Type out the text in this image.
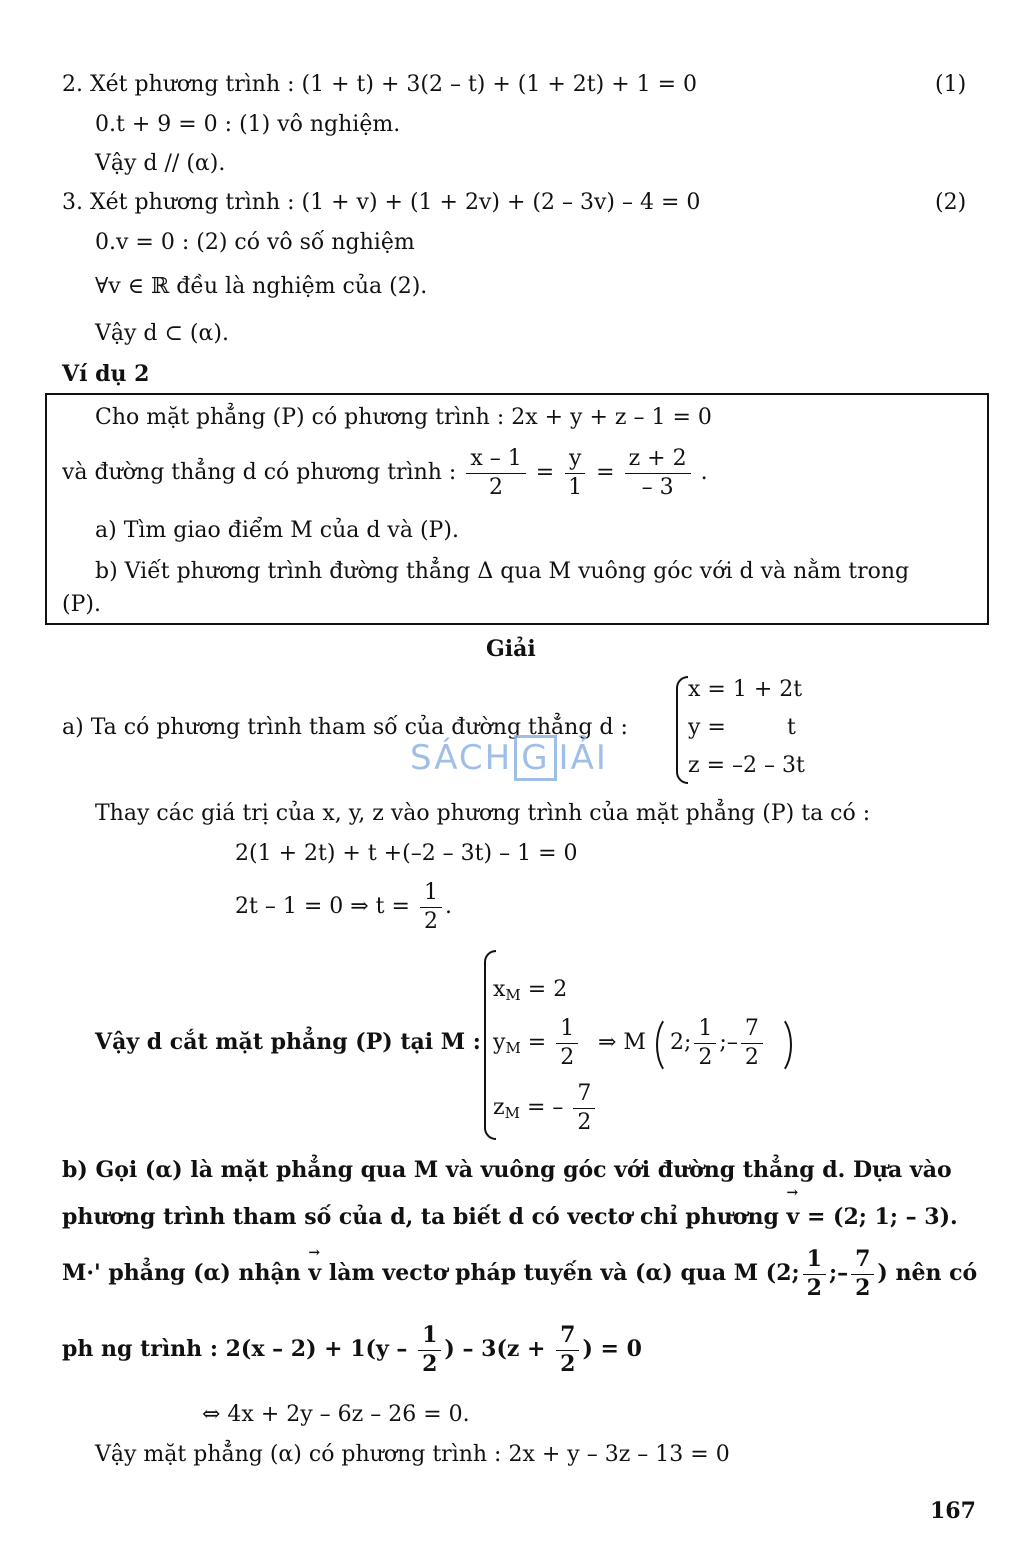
2. Xét phương trình : (1 + t) + 3(2 – t) + (1 + 2t) + 1 = 0	(1)
0.t + 9 = 0 : (1) vô nghiệm.
Vậy d // (α).
3. Xét phương trình : (1 + v) + (1 + 2v) + (2 – 3v) – 4 = 0	(2)
0.v = 0 : (2) có vô số nghiệm
∀v ∈ ℝ đều là nghiệm của (2).
Vậy d ⊂ (α).
Ví dụ 2
Cho mặt phẳng (P) có phương trình : 2x + y + z – 1 = 0
và đường thẳng d có phương trình : $\frac{x - 1}{2} = \frac{y}{1} = \frac{z + 2}{- 3}$ .
a) Tìm giao điểm M của d và (P).
b) Viết phương trình đường thẳng Δ qua M vuông góc với d và nằm trong
(P).
Giải
a) Ta có phương trình tham số của đường thẳng d :
x = 1 + 2t
y =	t
z = –2 – 3t
SÁCH G IẢI
Thay các giá trị của x, y, z vào phương trình của mặt phẳng (P) ta có :
2(1 + 2t) + t +(–2 – 3t) – 1 = 0
2t – 1 = 0 ⇒ $t = \frac{1}{2}$ .
Vậy d cắt mặt phẳng (P) tại M :
$x_M = 2$
$y_M = \frac{1}{2}$
$z_M$ = – $\frac{7}{2}$
⇒ M 2; $\frac{1}{2}$ ;– $\frac{7}{2}$
b) Gọi (α) là mặt phẳng qua M và vuông góc với đường thẳng d. Dựa vào
phương trình tham số của d, ta biết d có vectơ chỉ phương → v = (2; 1; – 3).
M·' phẳng (α) nhận → v làm vectơ pháp tuyến và (α) qua M (2; $\frac{1}{2}$ ;– $\frac{7}{2}$ ) nên có
ph ng trình : $2(x - 2) + 1(y - \frac{1}{2}$ ) – $3(z + \frac{7}{2}$ ) = 0
⇔ 4x + 2y – 6z – 26 = 0.
Vậy mặt phẳng (α) có phương trình : 2x + y – 3z – 13 = 0
167
